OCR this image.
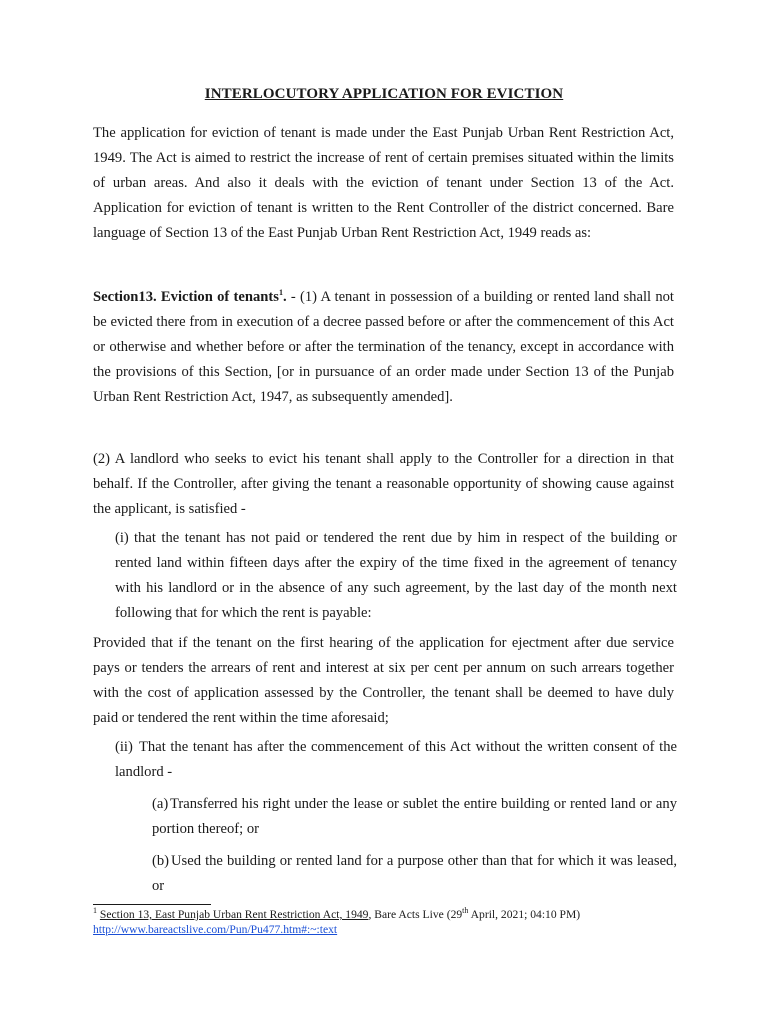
INTERLOCUTORY APPLICATION FOR EVICTION

The application for eviction of tenant is made under the East Punjab Urban Rent Restriction Act, 1949. The Act is aimed to restrict the increase of rent of certain premises situated within the limits of urban areas. And also it deals with the eviction of tenant under Section 13 of the Act. Application for eviction of tenant is written to the Rent Controller of the district concerned. Bare language of Section 13 of the East Punjab Urban Rent Restriction Act, 1949 reads as:

Section13. Eviction of tenants$^1$. - (1) A tenant in possession of a building or rented land shall not be evicted there from in execution of a decree passed before or after the commencement of this Act or otherwise and whether before or after the termination of the tenancy, except in accordance with the provisions of this Section, [or in pursuance of an order made under Section 13 of the Punjab Urban Rent Restriction Act, 1947, as subsequently amended].

(2) A landlord who seeks to evict his tenant shall apply to the Controller for a direction in that behalf. If the Controller, after giving the tenant a reasonable opportunity of showing cause against the applicant, is satisfied -

(i) that the tenant has not paid or tendered the rent due by him in respect of the building or rented land within fifteen days after the expiry of the time fixed in the agreement of tenancy with his landlord or in the absence of any such agreement, by the last day of the month next following that for which the rent is payable:

Provided that if the tenant on the first hearing of the application for ejectment after due service pays or tenders the arrears of rent and interest at six per cent per annum on such arrears together with the cost of application assessed by the Controller, the tenant shall be deemed to have duly paid or tendered the rent within the time aforesaid;

(ii) That the tenant has after the commencement of this Act without the written consent of the landlord -

(a) Transferred his right under the lease or sublet the entire building or rented land or any portion thereof; or

(b) Used the building or rented land for a purpose other than that for which it was leased, or

$^1$ Section 13, East Punjab Urban Rent Restriction Act, 1949, Bare Acts Live (29th April, 2021; 04:10 PM)
http://www.bareactslive.com/Pun/Pu477.htm#:~:text
